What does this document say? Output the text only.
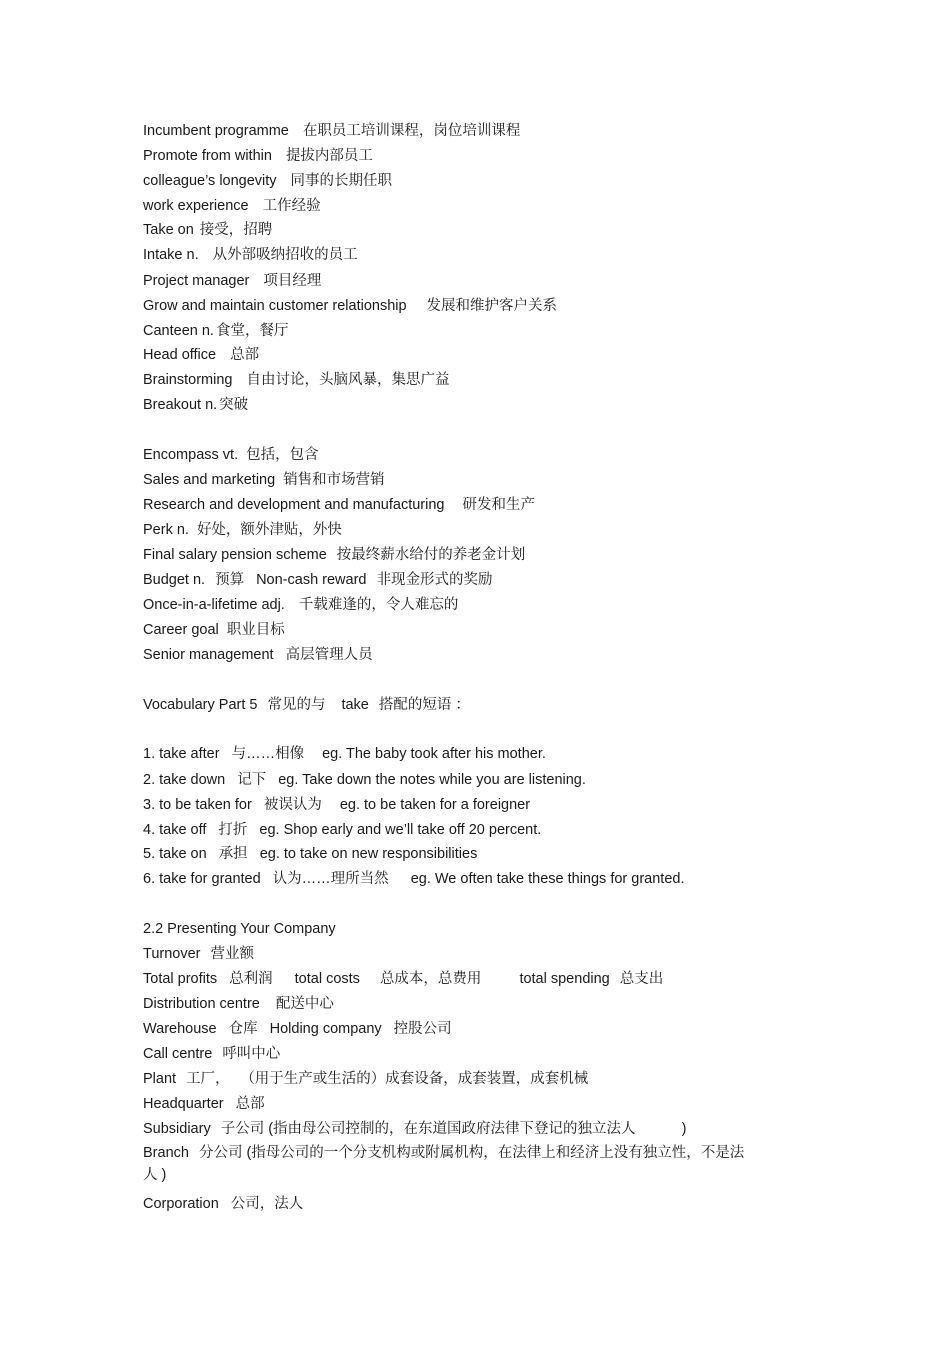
Incumbent programme 在职员工培训课程，岗位培训课程
Promote from within 提拔内部员工
colleague’s longevity 同事的长期任职
work experience 工作经验
Take on 接受，招聘
Intake n. 从外部吸纳招收的员工
Project manager 项目经理
Grow and maintain customer relationship 发展和维护客户关系
Canteen n. 食堂，餐厅
Head office 总部
Brainstorming 自由讨论，头脑风暴，集思广益
Breakout n. 突破
Encompass vt. 包括，包含
Sales and marketing 销售和市场营销
Research and development and manufacturing 研发和生产
Perk n. 好处，额外津贴，外快
Final salary pension scheme 按最终薪水给付的养老金计划
Budget n. 预算 Non-cash reward 非现金形式的奖励
Once-in-a-lifetime adj. 千载难逢的，令人难忘的
Career goal 职业目标
Senior management 高层管理人员
Vocabulary Part 5 常见的与 take 搭配的短语 ：
1. take after 与……相像 eg. The baby took after his mother.
2. take down 记下 eg. Take down the notes while you are listening.
3. to be taken for 被误认为 eg. to be taken for a foreigner
4. take off 打折 eg. Shop early and we’ll take off 20 percent.
5. take on 承担 eg. to take on new responsibilities
6. take for granted 认为……理所当然 eg. We often take these things for granted.
2.2 Presenting Your Company
Turnover 营业额
Total profits 总利润 total costs 总成本，总费用	total spending 总支出
Distribution centre 配送中心
Warehouse 仓库 Holding company 控股公司
Call centre 呼叫中心
Plant 工厂， （用于生产或生活的）成套设备，成套装置，成套机械
Headquarter 总部
Subsidiary 子公司 (指由母公司控制的，在东道国政府法律下登记的独立法人	)
Branch 分公司 (指母公司的一个分支机构或附属机构，在法律上和经济上没有独立性，不是法人 )
Corporation 公司，法人
